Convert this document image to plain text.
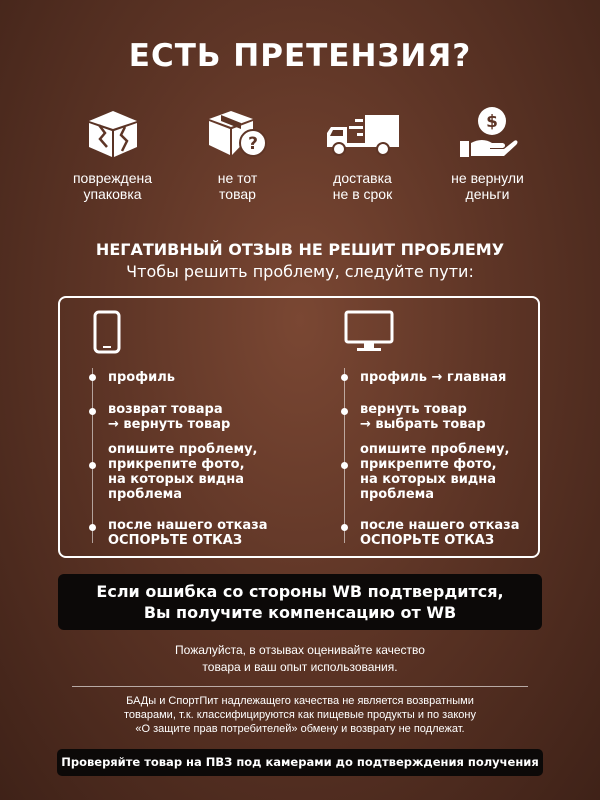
ЕСТЬ ПРЕТЕНЗИЯ?
повреждена
упаковка
?
не тот
товар
доставка
не в срок
$
не вернули
деньги
НЕГАТИВНЫЙ ОТЗЫВ НЕ РЕШИТ ПРОБЛЕМУ
Чтобы решить проблему, следуйте пути:
профиль
возврат товара
→ вернуть товар
опишите проблему,
прикрепите фото,
на которых видна
проблема
после нашего отказа
ОСПОРЬТЕ ОТКАЗ
профиль → главная
вернуть товар
→ выбрать товар
опишите проблему,
прикрепите фото,
на которых видна
проблема
после нашего отказа
ОСПОРЬТЕ ОТКАЗ
Если ошибка со стороны WB подтвердится,
Вы получите компенсацию от WB
Пожалуйста, в отзывах оценивайте качество
товара и ваш опыт использования.
БАДы и СпортПит надлежащего качества не является возвратными
товарами, т.к. классифицируются как пищевые продукты и по закону
«О защите прав потребителей» обмену и возврату не подлежат.
Проверяйте товар на ПВЗ под камерами до подтверждения получения
